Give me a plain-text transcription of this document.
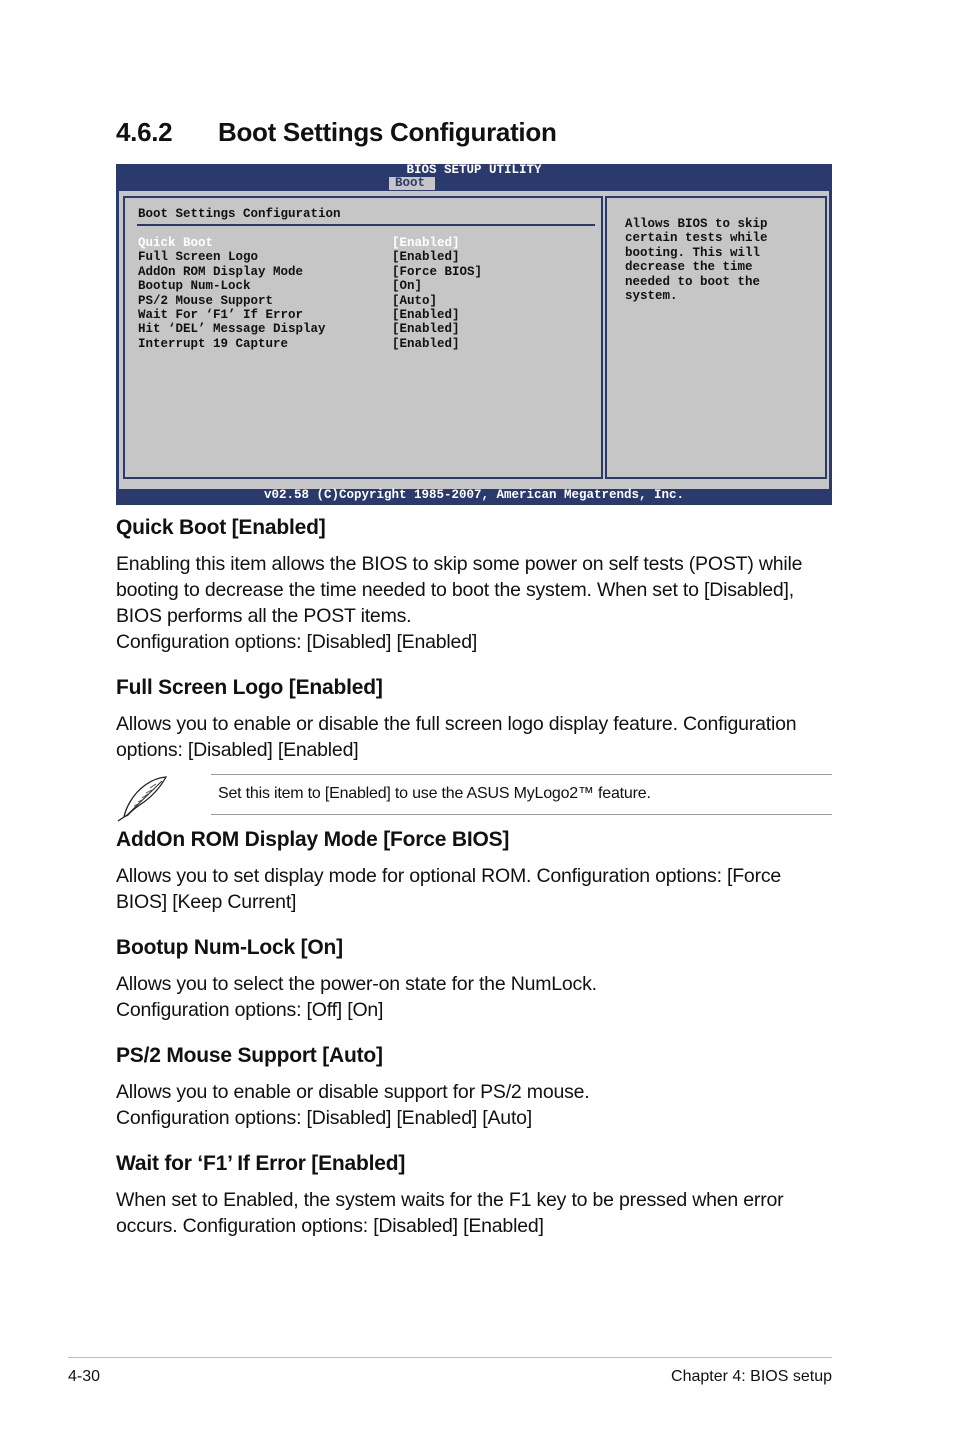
4.6.2 Boot Settings Configuration
BIOS SETUP UTILITY
Boot
Boot Settings Configuration
Quick Boot	[Enabled]
Full Screen Logo	[Enabled]
AddOn ROM Display Mode	[Force BIOS]
Bootup Num-Lock	[On]
PS/2 Mouse Support	[Auto]
Wait For ‘F1’ If Error	[Enabled]
Hit ‘DEL’ Message Display	[Enabled]
Interrupt 19 Capture	[Enabled]
Allows BIOS to skip
certain tests while
booting. This will
decrease the time
needed to boot the
system.
v02.58 (C)Copyright 1985-2007, American Megatrends, Inc.
Quick Boot [Enabled]

Enabling this item allows the BIOS to skip some power on self tests (POST) while booting to decrease the time needed to boot the system. When set to [Disabled], BIOS performs all the POST items.
Configuration options: [Disabled] [Enabled]

Full Screen Logo [Enabled]

Allows you to enable or disable the full screen logo display feature. Configuration options: [Disabled] [Enabled]

Set this item to [Enabled] to use the ASUS MyLogo2™ feature.
AddOn ROM Display Mode [Force BIOS]

Allows you to set display mode for optional ROM. Configuration options: [Force BIOS] [Keep Current]

Bootup Num-Lock [On]

Allows you to select the power-on state for the NumLock.
Configuration options: [Off] [On]

PS/2 Mouse Support [Auto]

Allows you to enable or disable support for PS/2 mouse.
Configuration options: [Disabled] [Enabled] [Auto]

Wait for ‘F1’ If Error [Enabled]

When set to Enabled, the system waits for the F1 key to be pressed when error occurs. Configuration options: [Disabled] [Enabled]

4-30	Chapter 4: BIOS setup
